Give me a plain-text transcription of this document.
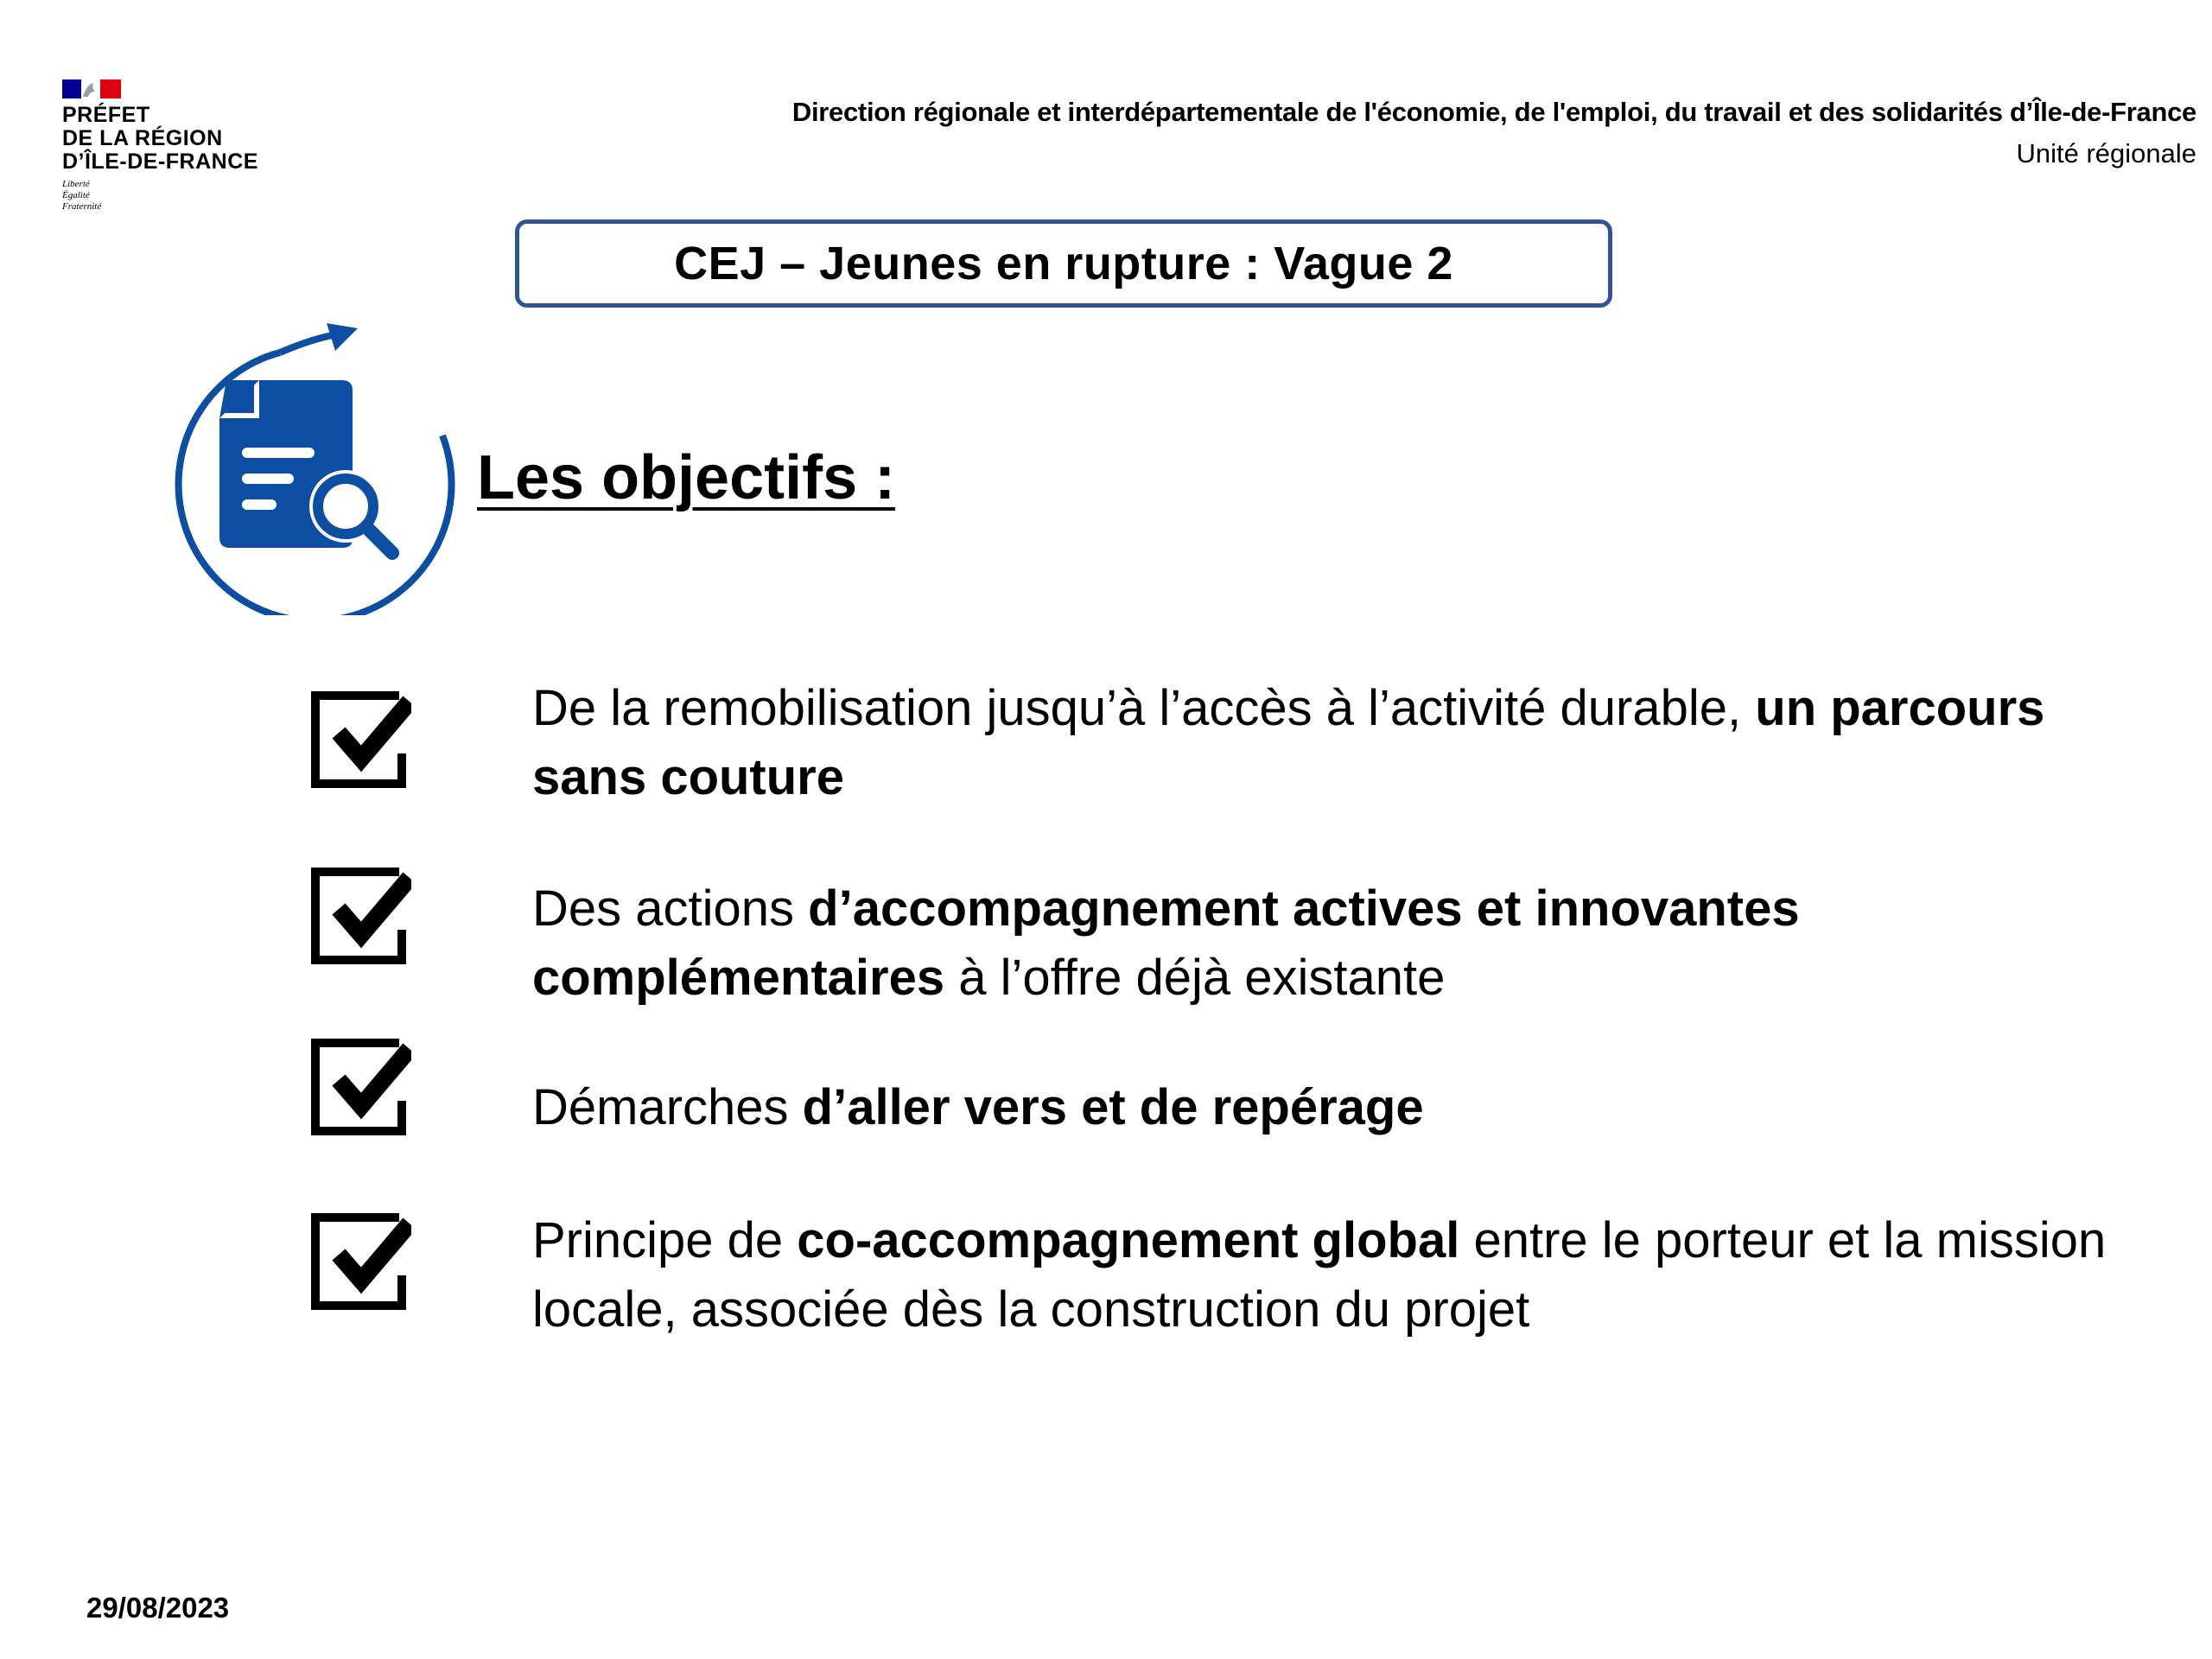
PRÉFET
DE LA RÉGION
D’ÎLE-DE-FRANCE
Liberté
Égalité
Fraternité
Direction régionale et interdépartementale de l'économie, de l'emploi, du travail et des solidarités d’Île-de-France
Unité régionale
CEJ – Jeunes en rupture : Vague 2
Les objectifs :
De la remobilisation jusqu’à l’accès à l’activité durable, un parcours sans couture
Des actions d’accompagnement actives et innovantes complémentaires à l’offre déjà existante
Démarches d’aller vers et de repérage
Principe de co-accompagnement global entre le porteur et la mission locale, associée dès la construction du projet
29/08/2023
